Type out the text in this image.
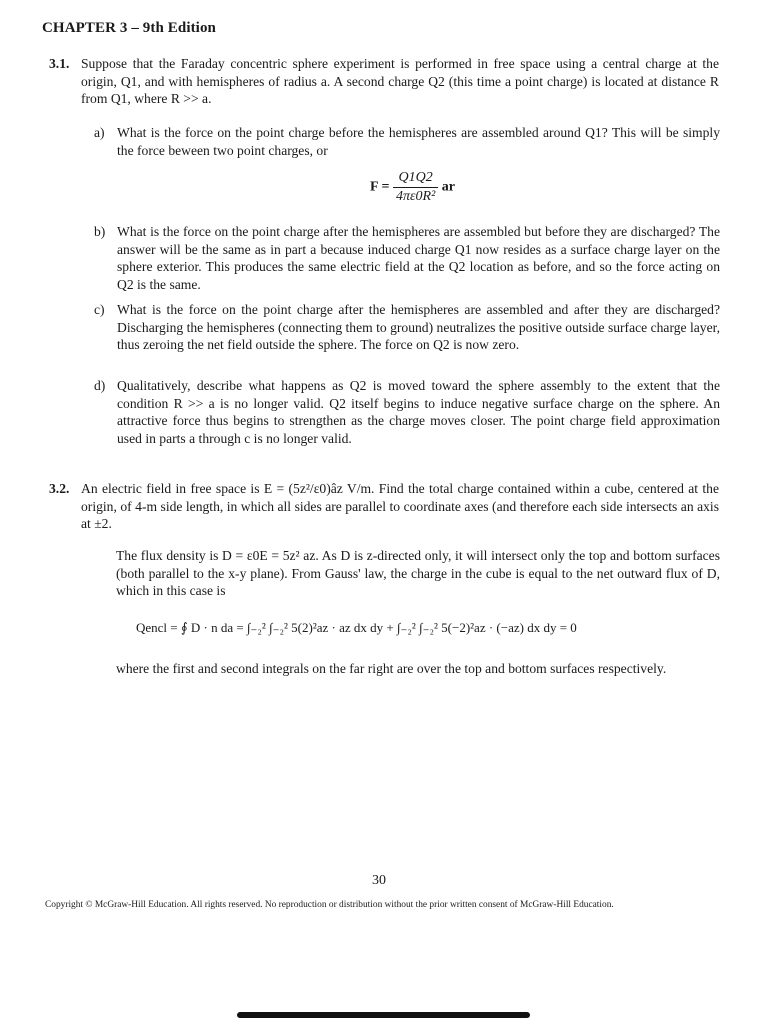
CHAPTER 3 – 9th Edition
3.1. Suppose that the Faraday concentric sphere experiment is performed in free space using a central charge at the origin, Q1, and with hemispheres of radius a. A second charge Q2 (this time a point charge) is located at distance R from Q1, where R >> a.
a) What is the force on the point charge before the hemispheres are assembled around Q1? This will be simply the force beween two point charges, or
$F = \frac{Q1Q2}{\text{4πε0R²}}$ ar
b) What is the force on the point charge after the hemispheres are assembled but before they are discharged? The answer will be the same as in part a because induced charge Q1 now resides as a surface charge layer on the sphere exterior. This produces the same electric field at the Q2 location as before, and so the force acting on Q2 is the same.
c) What is the force on the point charge after the hemispheres are assembled and after they are discharged? Discharging the hemispheres (connecting them to ground) neutralizes the positive outside surface charge layer, thus zeroing the net field outside the sphere. The force on Q2 is now zero.
d) Qualitatively, describe what happens as Q2 is moved toward the sphere assembly to the extent that the condition R >> a is no longer valid. Q2 itself begins to induce negative surface charge on the sphere. An attractive force thus begins to strengthen as the charge moves closer. The point charge field approximation used in parts a through c is no longer valid.
3.2. An electric field in free space is E = (5z²/ε0)âz V/m. Find the total charge contained within a cube, centered at the origin, of 4-m side length, in which all sides are parallel to coordinate axes (and therefore each side intersects an axis at ±2.
The flux density is D = ε0E = 5z² az. As D is z-directed only, it will intersect only the top and bottom surfaces (both parallel to the x-y plane). From Gauss' law, the charge in the cube is equal to the net outward flux of D, which in this case is
Qencl = ∮ D · n da = ∫₋₂² ∫₋₂² 5(2)²az · az dx dy + ∫₋₂² ∫₋₂² 5(−2)²az · (−az) dx dy = 0
where the first and second integrals on the far right are over the top and bottom surfaces respectively.
30
Copyright © McGraw-Hill Education. All rights reserved. No reproduction or distribution without the prior written consent of McGraw-Hill Education.
